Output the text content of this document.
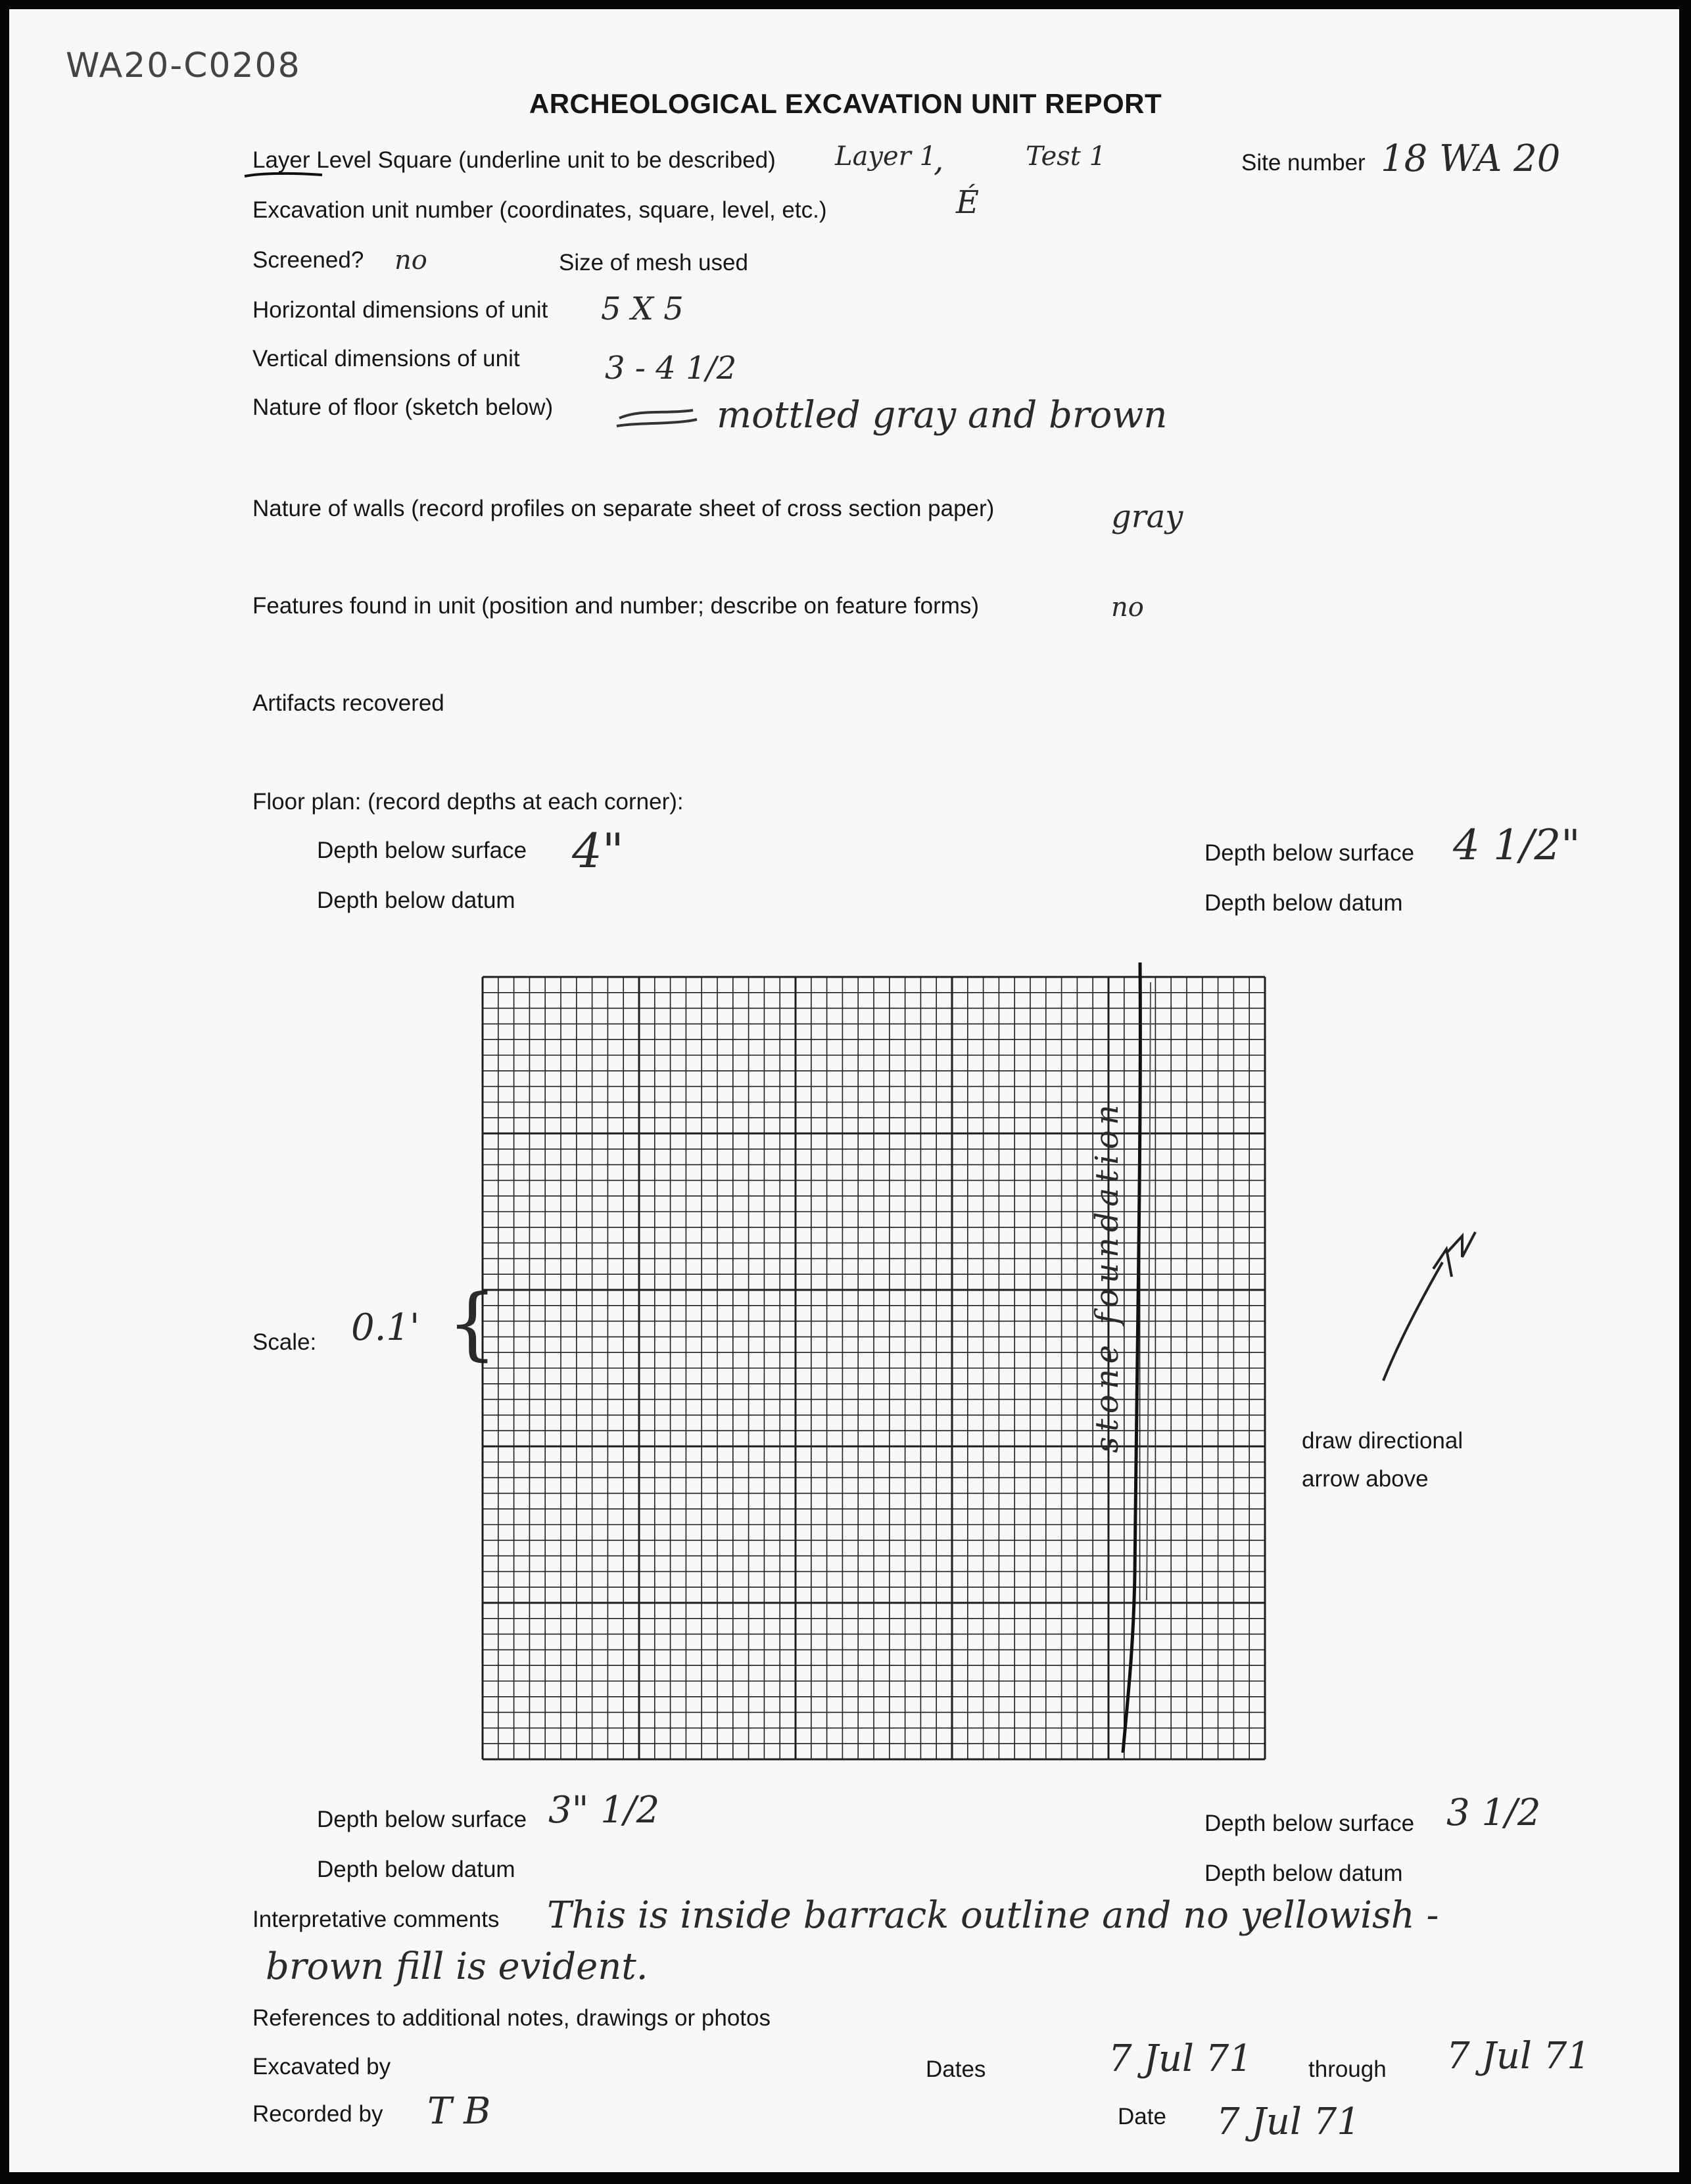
WA20-C0208
ARCHEOLOGICAL EXCAVATION UNIT REPORT
Layer Level Square (underline unit to be described) Layer 1
,	Test 1	Site number 18 WA 20
Excavation unit number (coordinates, square, level, etc.)	É
Screened? no	Size of mesh used
Horizontal dimensions of unit 5 X 5
Vertical dimensions of unit	3 - 4 1/2
Nature of floor (sketch below)	mottled gray and brown
Nature of walls (record profiles on separate sheet of cross section paper)	gray
Features found in unit (position and number; describe on feature forms)	no
Artifacts recovered
Floor plan: (record depths at each corner):
Depth below surface 4"
Depth below datum
Depth below surface 4 1/2"
Depth below datum
Scale: 0.1' {	stone foundation	draw directional
arrow above
Depth below surface 3" 1/2
Depth below datum
Depth below surface 3 1/2
Depth below datum
Interpretative comments This is inside barrack outline and no yellowish -
brown fill is evident.
References to additional notes, drawings or photos
Excavated by	Dates	7 Jul 71 through 7 Jul 71
Recorded by T B	Date 7 Jul 71
